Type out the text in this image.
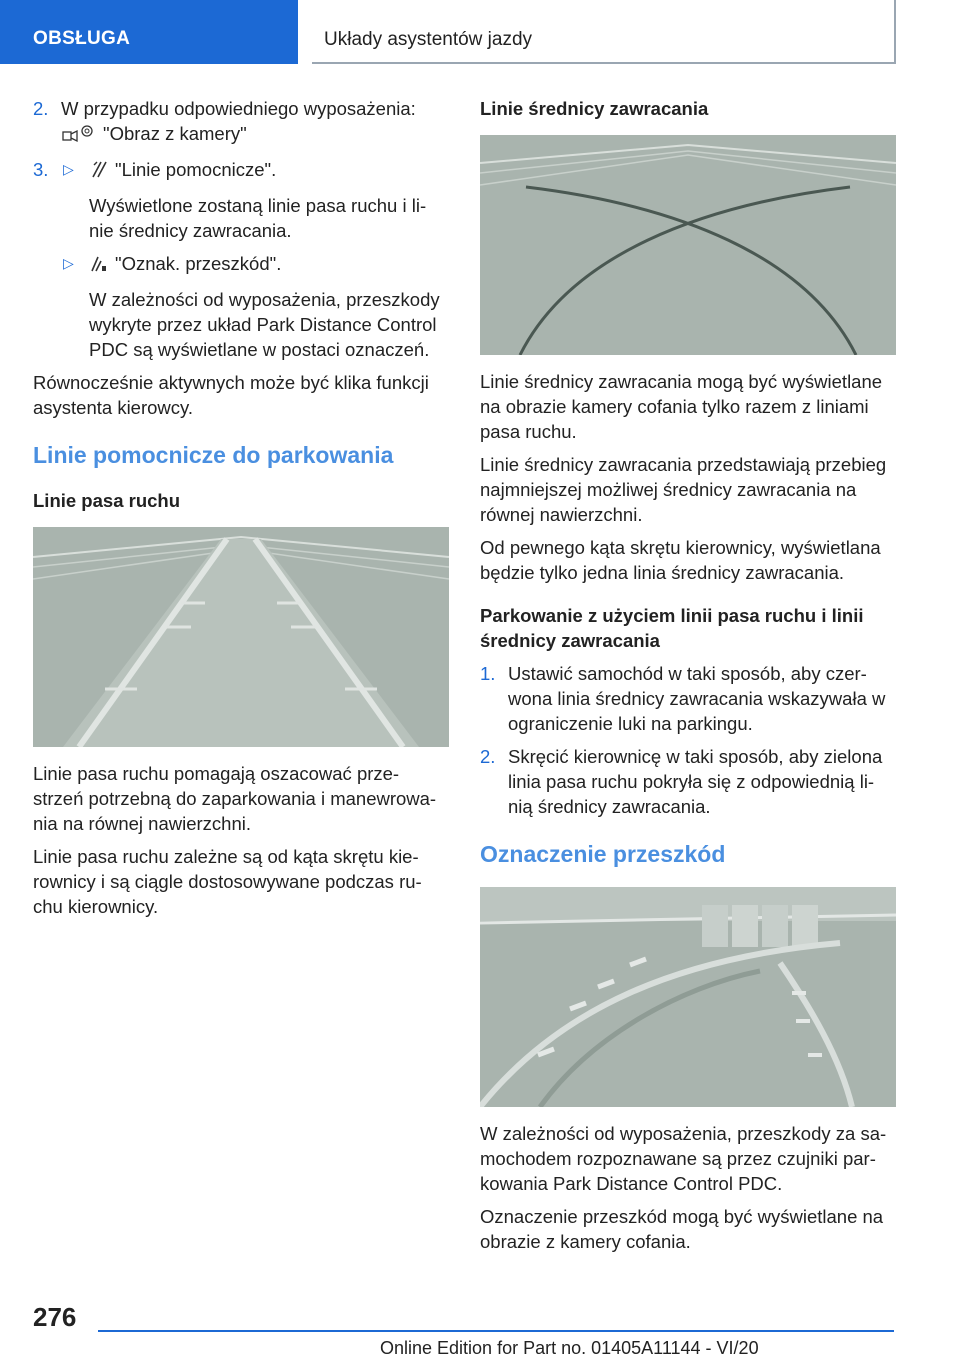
OBSŁUGA	Układy asystentów jazdy
2. W przypadku odpowiedniego wyposażenia:
"Obraz z kamery"
3. ▷	"Linie pomocnicze".
Wyświetlone zostaną linie pasa ruchu i li-nie średnicy zawracania.
▷ "Oznak. przeszkód".
W zależności od wyposażenia, przeszkody wykryte przez układ Park Distance Control PDC są wyświetlane w postaci oznaczeń.

Równocześnie aktywnych może być klika funkcji asystenta kierowcy.

Linie pomocnicze do parkowania
Linie pasa ruchu

Linie pasa ruchu pomagają oszacować prze-strzeń potrzebną do zaparkowania i manewrowa-nia na równej nawierzchni.

Linie pasa ruchu zależne są od kąta skrętu kie-rownicy i są ciągle dostosowywane podczas ru-chu kierownicy.

Linie średnicy zawracania

Linie średnicy zawracania mogą być wyświetlane na obrazie kamery cofania tylko razem z liniami pasa ruchu.

Linie średnicy zawracania przedstawiają przebieg najmniejszej możliwej średnicy zawracania na równej nawierzchni.

Od pewnego kąta skrętu kierownicy, wyświetlana będzie tylko jedna linia średnicy zawracania.

Parkowanie z użyciem linii pasa ruchu i linii średnicy zawracania
1. Ustawić samochód w taki sposób, aby czer-wona linia średnicy zawracania wskazywała w ograniczenie luki na parkingu.
2. Skręcić kierownicę w taki sposób, aby zielona linia pasa ruchu pokryła się z odpowiednią li-nią średnicy zawracania.
Oznaczenie przeszkód

W zależności od wyposażenia, przeszkody za sa-mochodem rozpoznawane są przez czujniki par-kowania Park Distance Control PDC.

Oznaczenie przeszkód mogą być wyświetlane na obrazie z kamery cofania.

276
Online Edition for Part no. 01405A11144 - VI/20
